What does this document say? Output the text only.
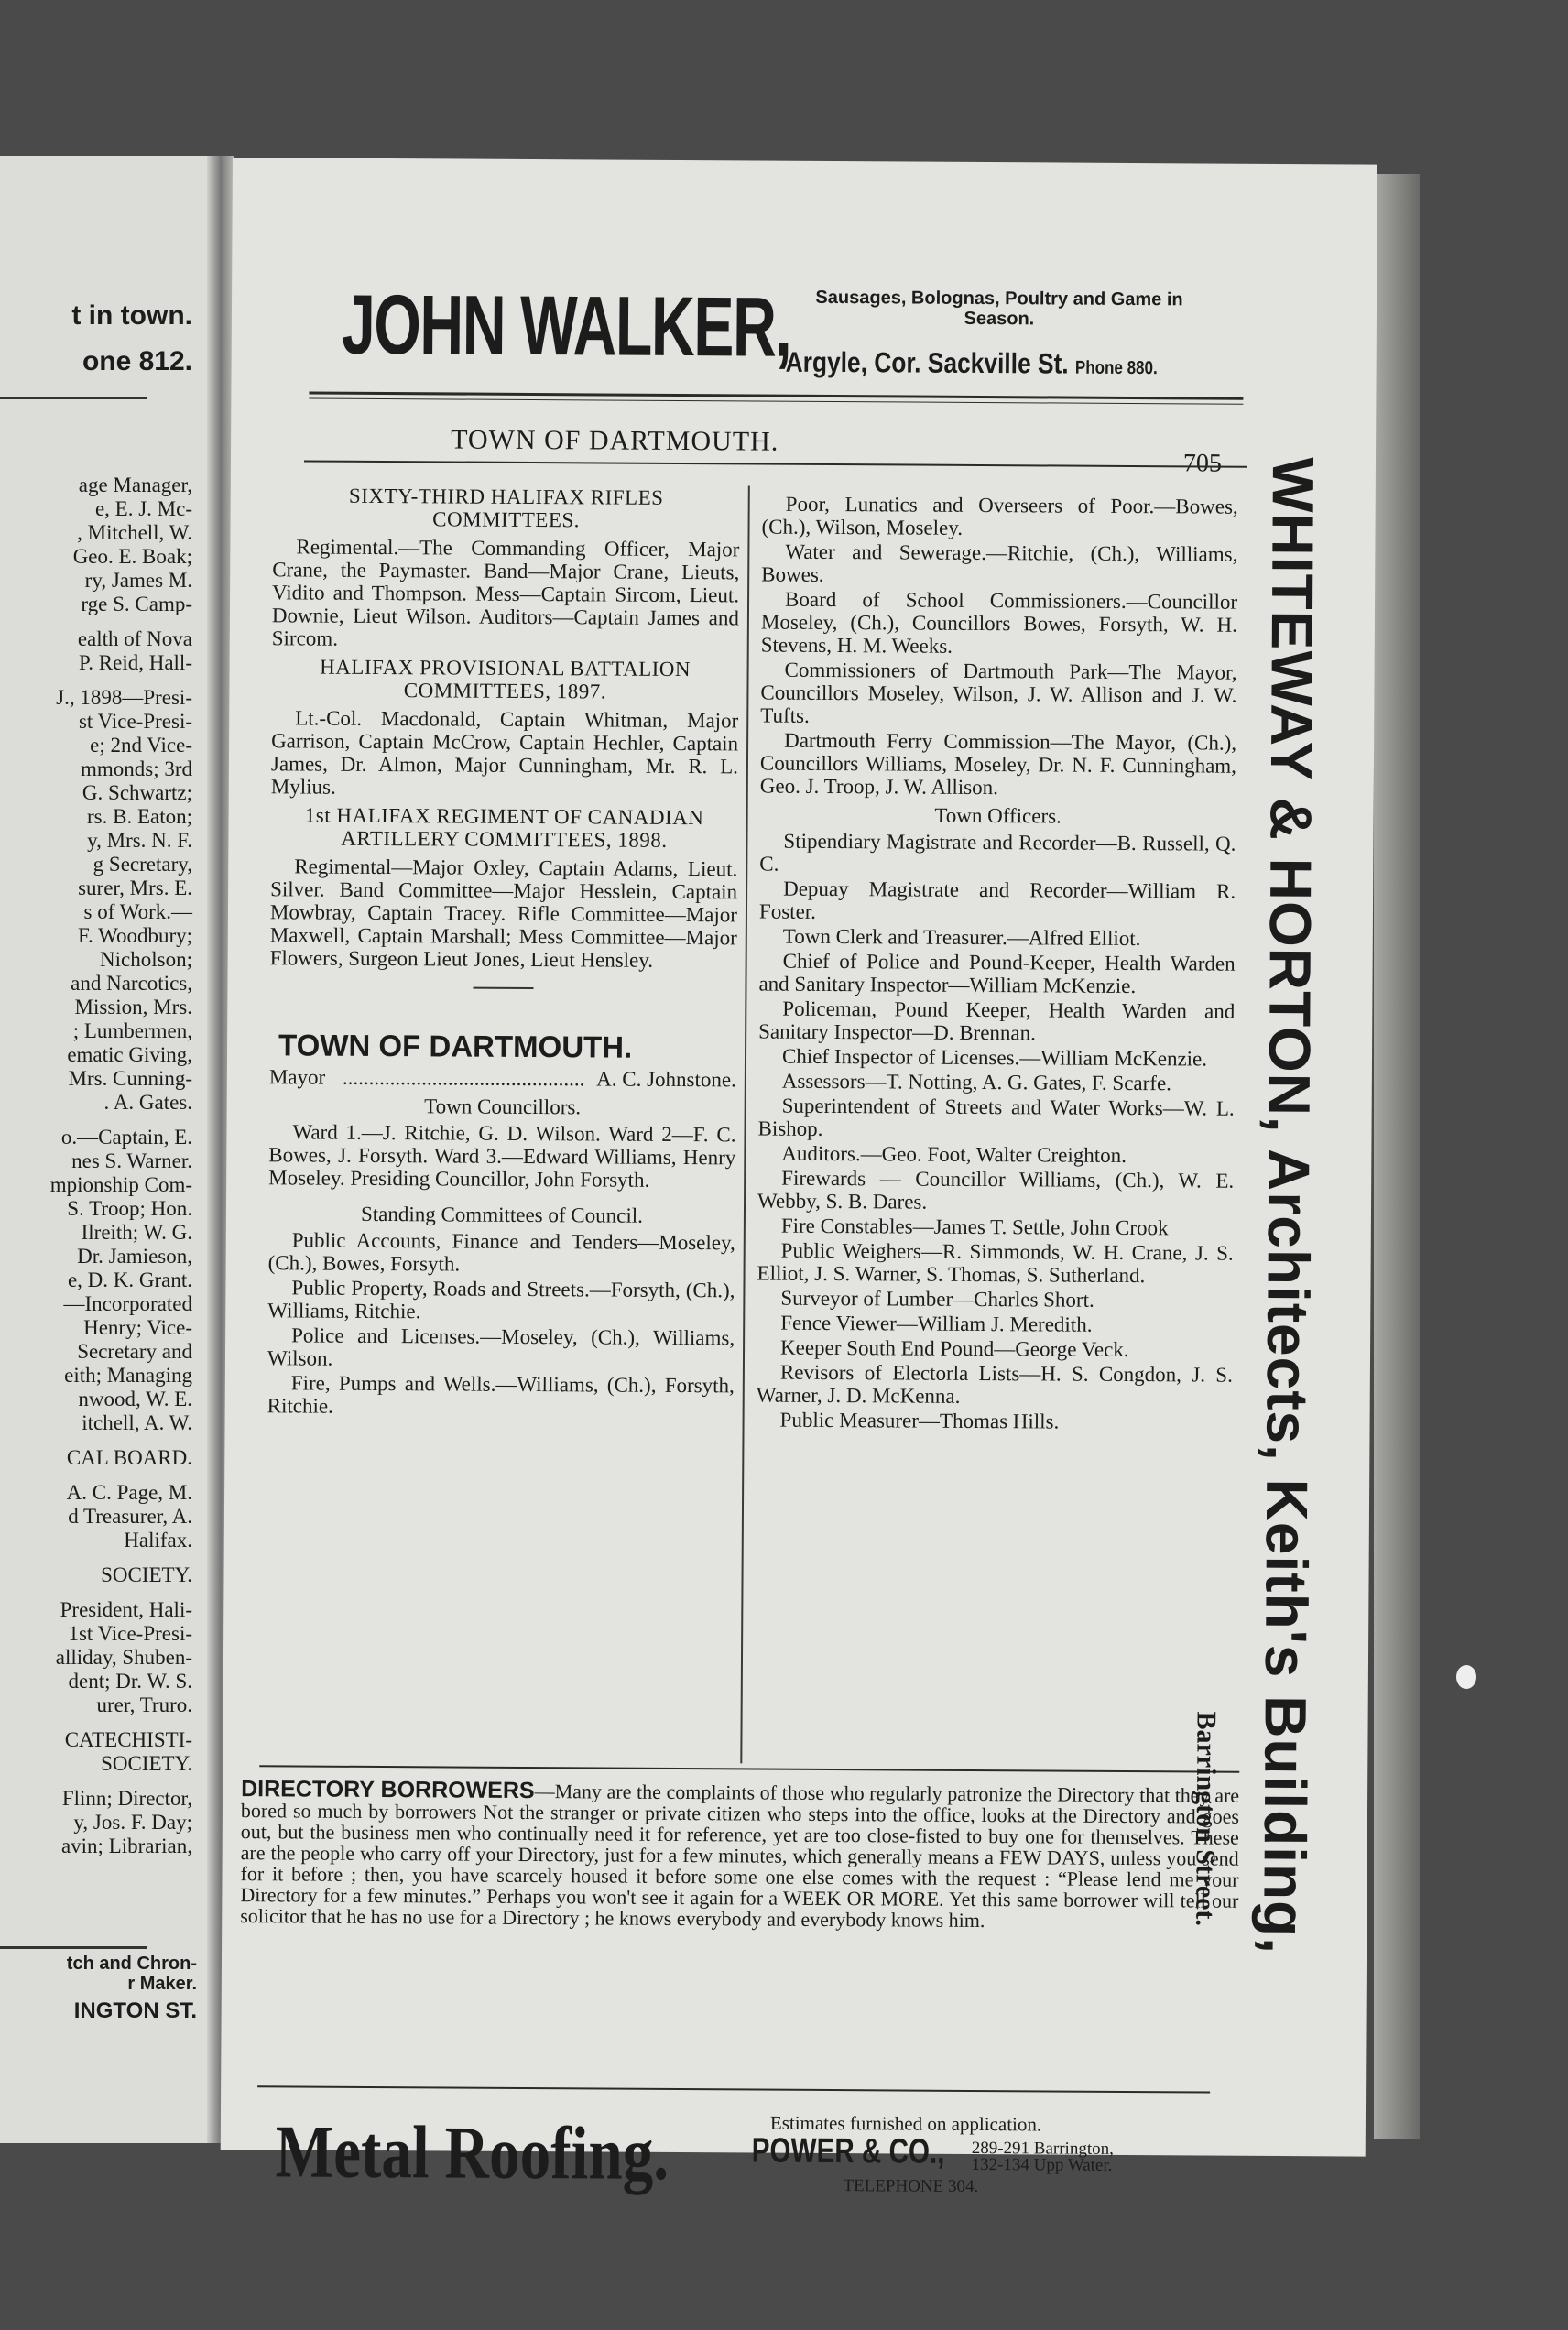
t in town.
one 812.
age Manager,
e, E. J. Mc-
, Mitchell, W.
Geo. E. Boak;
ry, James M.
rge S. Camp-
ealth of Nova
P. Reid, Hall-
J., 1898—Presi-
st Vice-Presi-
e; 2nd Vice-
mmonds; 3rd
G. Schwartz;
rs. B. Eaton;
y, Mrs. N. F.
g Secretary,
surer, Mrs. E.
s of Work.—
F. Woodbury;
Nicholson;
and Narcotics,
Mission, Mrs.
; Lumbermen,
ematic Giving,
Mrs. Cunning-
. A. Gates.
o.—Captain, E.
nes S. Warner.
mpionship Com-
S. Troop; Hon.
Ilreith; W. G.
Dr. Jamieson,
e, D. K. Grant.
—Incorporated
Henry; Vice-
Secretary and
eith; Managing
nwood, W. E.
itchell, A. W.
CAL BOARD.
A. C. Page, M.
d Treasurer, A.
Halifax.
SOCIETY.
President, Hali-
1st Vice-Presi-
alliday, Shuben-
dent; Dr. W. S.
urer, Truro.
CATECHISTI-
SOCIETY.
Flinn; Director,
y, Jos. F. Day;
avin; Librarian,
tch and Chron-
r Maker.
INGTON ST.
JOHN WALKER,	Sausages, Bolognas, Poultry and Game in Season.
Argyle, Cor. Sackville St. Phone 880.
TOWN OF DARTMOUTH.
705

SIXTY-THIRD HALIFAX RIFLES COMMITTEES.

Regimental.—The Commanding Officer, Major Crane, the Paymaster. Band—Major Crane, Lieuts, Vidito and Thompson. Mess—Captain Sircom, Lieut. Downie, Lieut Wilson. Auditors—Captain James and Sircom.

HALIFAX PROVISIONAL BATTALION COMMITTEES, 1897.

Lt.-Col. Macdonald, Captain Whitman, Major Garrison, Captain McCrow, Captain Hechler, Captain James, Dr. Almon, Major Cunningham, Mr. R. L. Mylius.

1st HALIFAX REGIMENT OF CANADIAN ARTILLERY COMMITTEES, 1898.

Regimental—Major Oxley, Captain Adams, Lieut. Silver. Band Committee—Major Hesslein, Captain Mowbray, Captain Tracey. Rifle Committee—Major Maxwell, Captain Marshall; Mess Committee—Major Flowers, Surgeon Lieut Jones, Lieut Hensley.

TOWN OF DARTMOUTH.

Mayor .............................................. A. C. Johnstone.

Town Councillors.

Ward 1.—J. Ritchie, G. D. Wilson. Ward 2—F. C. Bowes, J. Forsyth. Ward 3.—Edward Williams, Henry Moseley. Presiding Councillor, John Forsyth.

Standing Committees of Council.

Public Accounts, Finance and Tenders—Moseley, (Ch.), Bowes, Forsyth.

Public Property, Roads and Streets.—Forsyth, (Ch.), Williams, Ritchie.

Police and Licenses.—Moseley, (Ch.), Williams, Wilson.

Fire, Pumps and Wells.—Williams, (Ch.), Forsyth, Ritchie.

Poor, Lunatics and Overseers of Poor.—Bowes, (Ch.), Wilson, Moseley.

Water and Sewerage.—Ritchie, (Ch.), Williams, Bowes.

Board of School Commissioners.—Councillor Moseley, (Ch.), Councillors Bowes, Forsyth, W. H. Stevens, H. M. Weeks.

Commissioners of Dartmouth Park—The Mayor, Councillors Moseley, Wilson, J. W. Allison and J. W. Tufts.

Dartmouth Ferry Commission—The Mayor, (Ch.), Councillors Williams, Moseley, Dr. N. F. Cunningham, Geo. J. Troop, J. W. Allison.

Town Officers.

Stipendiary Magistrate and Recorder—B. Russell, Q. C.

Depuay Magistrate and Recorder—William R. Foster.

Town Clerk and Treasurer.—Alfred Elliot.

Chief of Police and Pound-Keeper, Health Warden and Sanitary Inspector—William McKenzie.

Policeman, Pound Keeper, Health Warden and Sanitary Inspector—D. Brennan.

Chief Inspector of Licenses.—William McKenzie.

Assessors—T. Notting, A. G. Gates, F. Scarfe.

Superintendent of Streets and Water Works—W. L. Bishop.

Auditors.—Geo. Foot, Walter Creighton.

Firewards — Councillor Williams, (Ch.), W. E. Webby, S. B. Dares.

Fire Constables—James T. Settle, John Crook

Public Weighers—R. Simmonds, W. H. Crane, J. S. Elliot, J. S. Warner, S. Thomas, S. Sutherland.

Surveyor of Lumber—Charles Short.

Fence Viewer—William J. Meredith.

Keeper South End Pound—George Veck.

Revisors of Electorla Lists—H. S. Congdon, J. S. Warner, J. D. McKenna.

Public Measurer—Thomas Hills.	WHITEWAY & HORTON, Architects, Keith's Building,
Barrington Street.
DIRECTORY BORROWERS—Many are the complaints of those who regularly patronize the Directory that they are bored so much by borrowers Not the stranger or private citizen who steps into the office, looks at the Directory and goes out, but the business men who continually need it for reference, yet are too close-fisted to buy one for themselves. These are the people who carry off your Directory, just for a few minutes, which generally means a FEW DAYS, unless you send for it before ; then, you have scarcely housed it before some one else comes with the request : “Please lend me your Directory for a few minutes.” Perhaps you won't see it again for a WEEK OR MORE. Yet this same borrower will tell our solicitor that he has no use for a Directory ; he knows everybody and everybody knows him.
Metal Roofing.	Estimates furnished on application.
POWER & CO., 289-291 Barrington,
132-134 Upp Water.
TELEPHONE 304.
